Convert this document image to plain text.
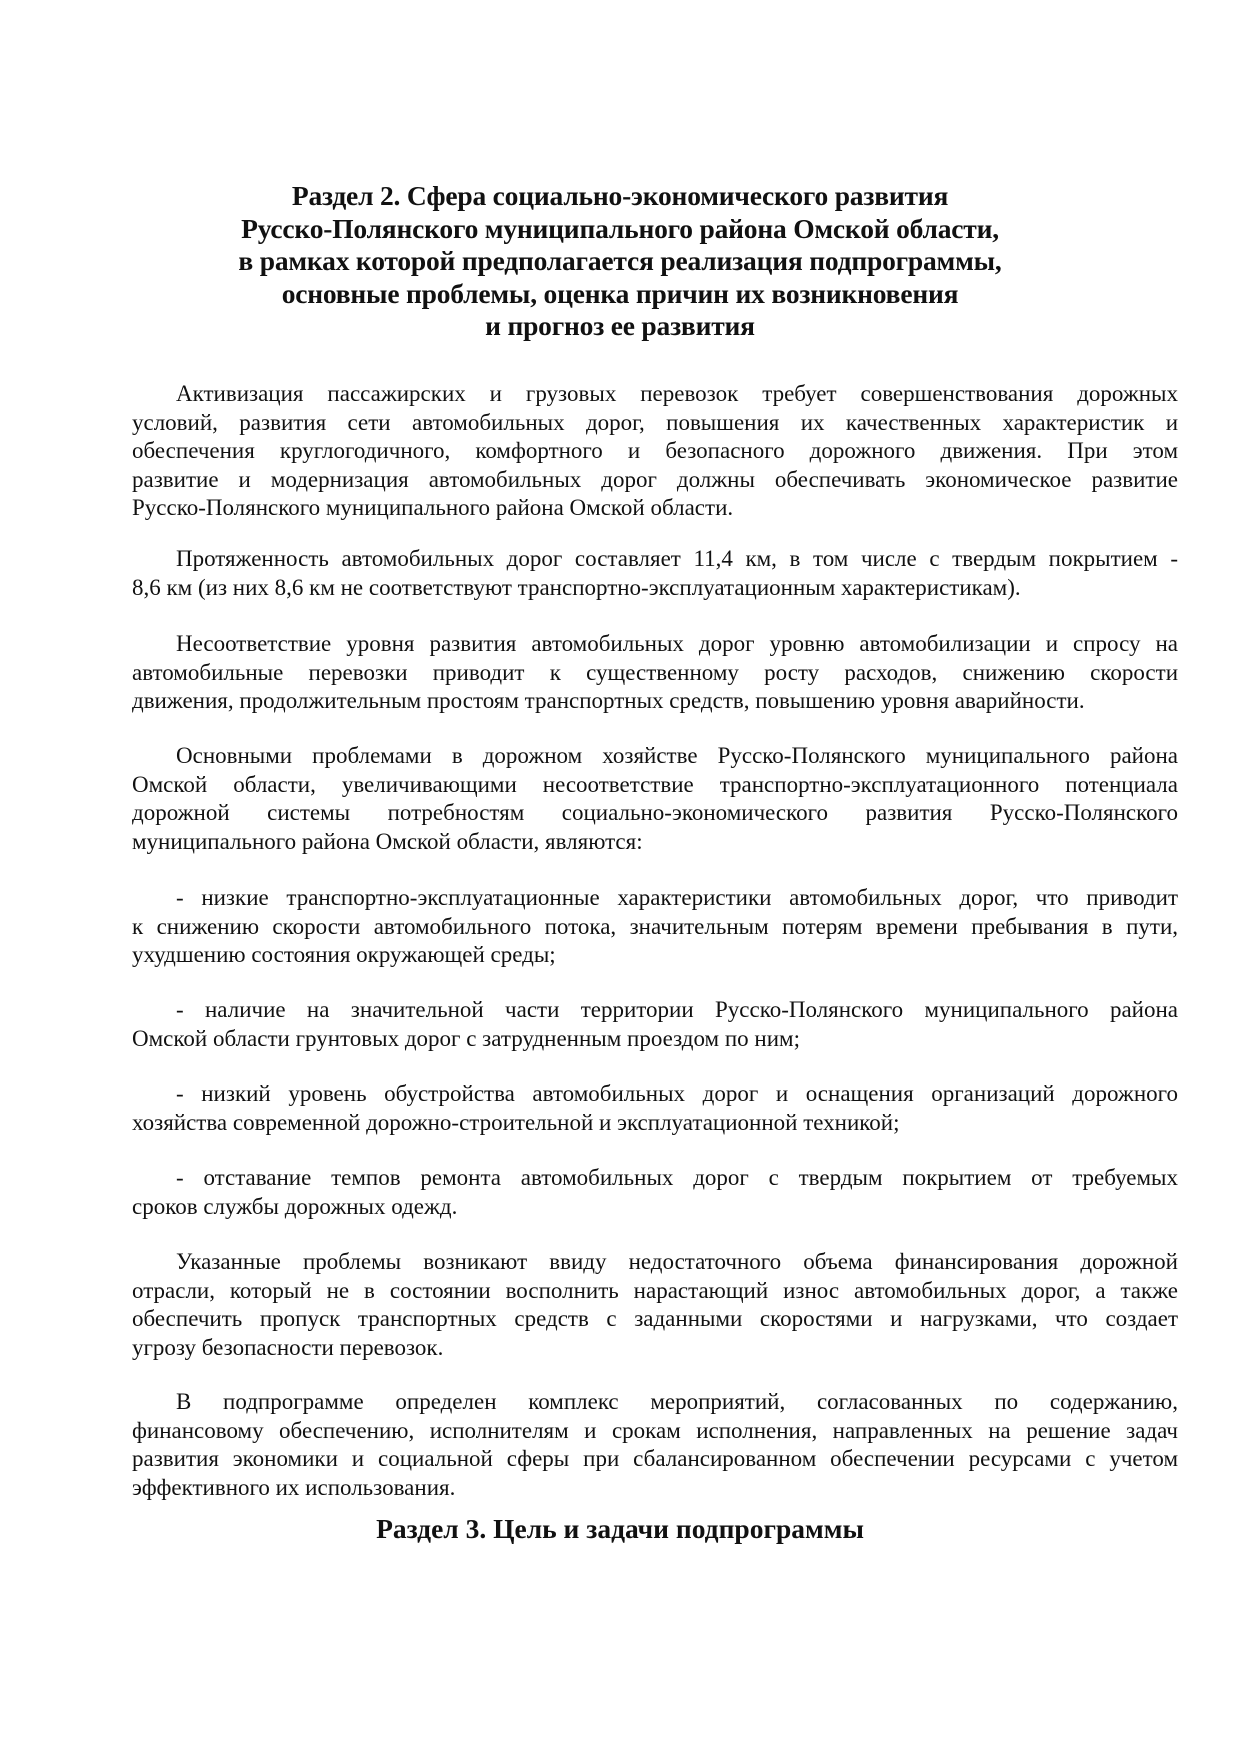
Раздел 2. Сфера социально-экономического развития
Русско-Полянского муниципального района Омской области,
в рамках которой предполагается реализация подпрограммы,
основные проблемы, оценка причин их возникновения
и прогноз ее развития
Активизация пассажирских и грузовых перевозок требует совершенствования дорожных
условий, развития сети автомобильных дорог, повышения их качественных характеристик и
обеспечения круглогодичного, комфортного и безопасного дорожного движения. При этом
развитие и модернизация автомобильных дорог должны обеспечивать экономическое развитие
Русско-Полянского муниципального района Омской области.
Протяженность автомобильных дорог составляет 11,4 км, в том числе с твердым покрытием -
8,6 км (из них 8,6 км не соответствуют транспортно-эксплуатационным характеристикам).
Несоответствие уровня развития автомобильных дорог уровню автомобилизации и спросу на
автомобильные перевозки приводит к существенному росту расходов, снижению скорости
движения, продолжительным простоям транспортных средств, повышению уровня аварийности.
Основными проблемами в дорожном хозяйстве Русско-Полянского муниципального района
Омской области, увеличивающими несоответствие транспортно-эксплуатационного потенциала
дорожной системы потребностям социально-экономического развития Русско-Полянского
муниципального района Омской области, являются:
- низкие транспортно-эксплуатационные характеристики автомобильных дорог, что приводит
к снижению скорости автомобильного потока, значительным потерям времени пребывания в пути,
ухудшению состояния окружающей среды;
- наличие на значительной части территории Русско-Полянского муниципального района
Омской области грунтовых дорог с затрудненным проездом по ним;
- низкий уровень обустройства автомобильных дорог и оснащения организаций дорожного
хозяйства современной дорожно-строительной и эксплуатационной техникой;
- отставание темпов ремонта автомобильных дорог с твердым покрытием от требуемых
сроков службы дорожных одежд.
Указанные проблемы возникают ввиду недостаточного объема финансирования дорожной
отрасли, который не в состоянии восполнить нарастающий износ автомобильных дорог, а также
обеспечить пропуск транспортных средств с заданными скоростями и нагрузками, что создает
угрозу безопасности перевозок.
В подпрограмме определен комплекс мероприятий, согласованных по содержанию,
финансовому обеспечению, исполнителям и срокам исполнения, направленных на решение задач
развития экономики и социальной сферы при сбалансированном обеспечении ресурсами с учетом
эффективного их использования.
Раздел 3. Цель и задачи подпрограммы
